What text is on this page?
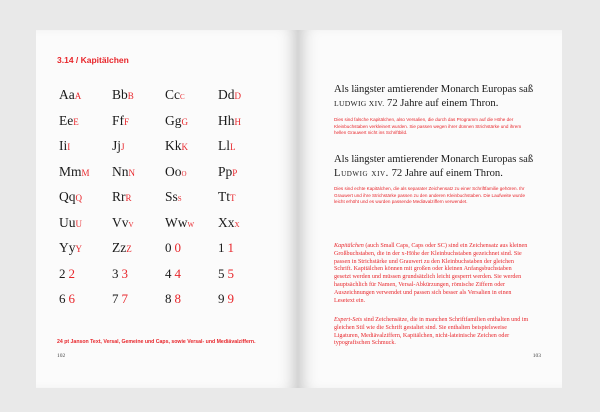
3.14 / Kapitälchen
AaA	BbB	Ccc	DdD
EeE	FfF	GgG	HhH
IiI	JjJ	KkK	LlL
MmM	NnN	Ooo	PpP
QqQ	RrR	Sss	TtT
UuU	Vvv	Www	Xxx
YyY	ZzZ	0 0	1 1
2 2	3 3	4 4	5 5
6 6	7 7	8 8	9 9
24 pt Janson Text, Versal, Gemeine und Caps, sowie Versal- und Mediävalziffern.
102
Als längster amtierender Monarch Europas saß LUDWIG XIV. 72 Jahre auf einem Thron.
Dies sind falsche Kapitälchen, also Versalien, die durch das Programm auf die Höhe der Kleinbuchstaben verkleinert wurden. Sie passen wegen ihrer dünnen Strichstärke und ihrem hellen Grauwert nicht ins Schriftbild.
Als längster amtierender Monarch Europas saß Ludwig xiv. 72 Jahre auf einem Thron.
Dies sind echte Kapitälchen, die als separater Zeichensatz zu einer Schriftfamilie gehören. Ihr Grauwert und ihre Strichstärke passen zu den anderen Kleinbuchstaben. Die Laufweite wurde leicht erhöht und es wurden passende Mediävalziffern verwendet.
Kapitälchen (auch Small Caps, Caps oder SC) sind ein Zeichensatz aus kleinen Großbuchstaben, die in der x-Höhe der Kleinbuchstaben gezeichnet sind. Sie passen in Strichstärke und Grauwert zu den Kleinbuchstaben der gleichen Schrift. Kapitälchen können mit großen oder kleinen Anfangsbuchstaben gesetzt werden und müssen grundsätzlich leicht gesperrt werden. Sie werden hauptsächlich für Namen, Versal-Abkürzungen, römische Ziffern oder Auszeichnungen verwendet und passen sich besser als Versalien in einen Lesetext ein.
Expert-Sets sind Zeichensätze, die in manchen Schriftfamilien enthalten und im gleichen Stil wie die Schrift gestaltet sind. Sie enthalten beispielsweise Ligaturen, Mediävalziffern, Kapitälchen, nicht-lateinische Zeichen oder typografischen Schmuck.
103
